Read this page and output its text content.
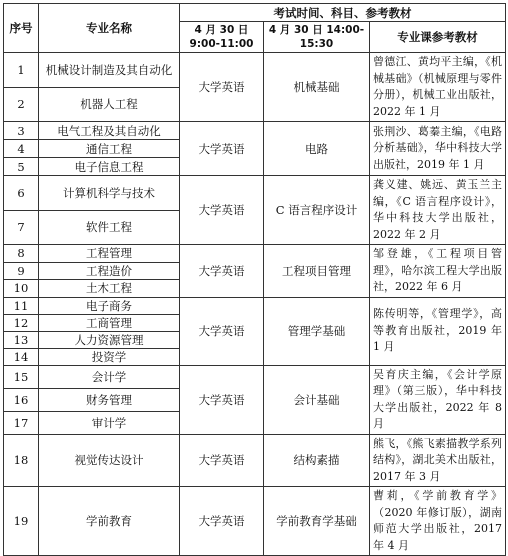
序号	专业名称	考试时间、科目、参考教材		
		4 月 30 日 9:00-11:00	4 月 30 日 14:00-15:30	专业课参考教材
1	机械设计制造及其自动化	大学英语	机械基础	曾德江、黄均平主编，《机械基础》（机械原理与零件分册），机械工业出版社，2022 年 1 月
2	机器人工程			
3	电气工程及其自动化	大学英语	电路	张荆沙、葛蓁主编，《电路分析基础》，华中科技大学出版社，2019 年 1 月
4	通信工程			
5	电子信息工程			
6	计算机科学与技术	大学英语	C 语言程序设计	龚义建、姚远、黄玉兰主编，《C 语言程序设计》，华中科技大学出版社，2022 年 2 月
7	软件工程			
8	工程管理	大学英语	工程项目管理	邹登雄，《工程项目管理》，哈尔滨工程大学出版社，2022 年 6 月
9	工程造价			
10	土木工程			
11	电子商务	大学英语	管理学基础	陈传明等，《管理学》，高等教育出版社，2019 年 1 月
12	工商管理			
13	人力资源管理			
14	投资学			
15	会计学	大学英语	会计基础	吴育庆主编，《会计学原理》（第三版），华中科技大学出版社，2022 年 8 月
16	财务管理			
17	审计学			
18	视觉传达设计	大学英语	结构素描	熊飞，《熊飞素描教学系列结构》，湖北美术出版社，2017 年 3 月
19	学前教育	大学英语	学前教育学基础	曹莉，《学前教育学》（2020 年修订版），湖南师范大学出版社，2017 年 4 月
